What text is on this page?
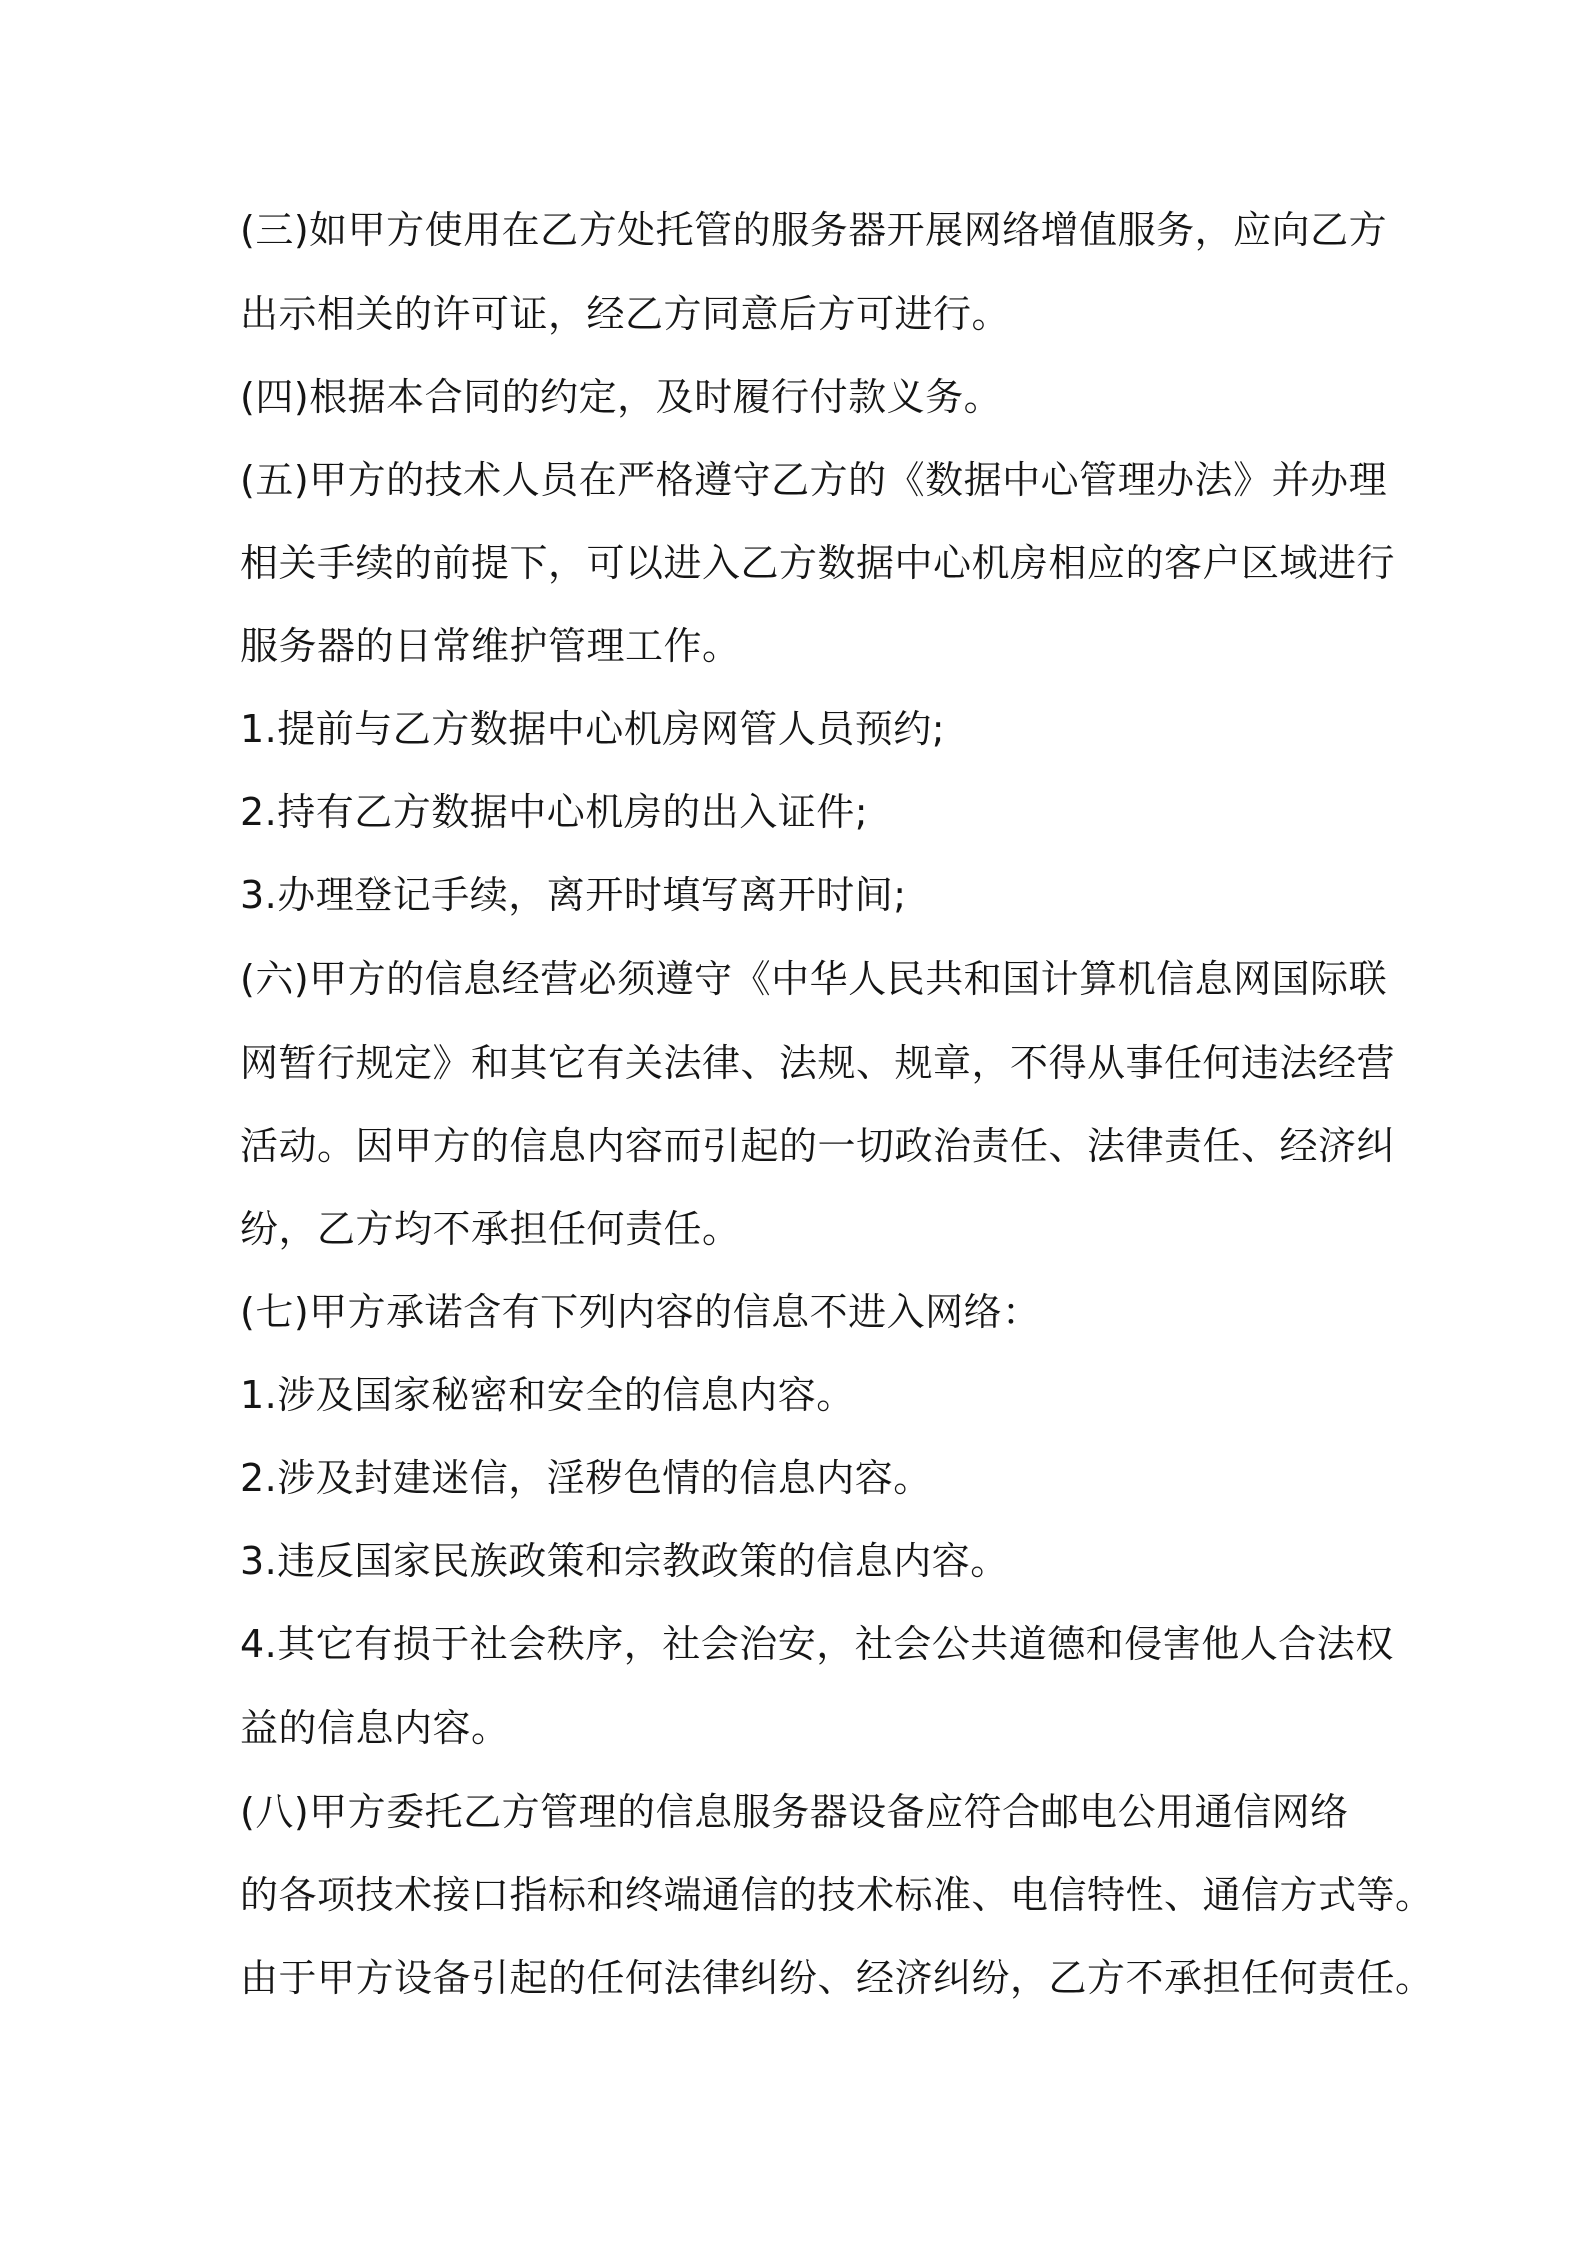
(三)如甲方使用在乙方处托管的服务器开展网络增值服务，应向乙方
出示相关的许可证，经乙方同意后方可进行。
(四)根据本合同的约定，及时履行付款义务。
(五)甲方的技术人员在严格遵守乙方的《数据中心管理办法》并办理
相关手续的前提下，可以进入乙方数据中心机房相应的客户区域进行
服务器的日常维护管理工作。
1.提前与乙方数据中心机房网管人员预约;
2.持有乙方数据中心机房的出入证件;
3.办理登记手续，离开时填写离开时间;
(六)甲方的信息经营必须遵守《中华人民共和国计算机信息网国际联
网暂行规定》和其它有关法律、法规、规章，不得从事任何违法经营
活动。因甲方的信息内容而引起的一切政治责任、法律责任、经济纠
纷，乙方均不承担任何责任。
(七)甲方承诺含有下列内容的信息不进入网络：
1.涉及国家秘密和安全的信息内容。
2.涉及封建迷信，淫秽色情的信息内容。
3.违反国家民族政策和宗教政策的信息内容。
4.其它有损于社会秩序，社会治安，社会公共道德和侵害他人合法权
益的信息内容。
(八)甲方委托乙方管理的信息服务器设备应符合邮电公用通信网络
的各项技术接口指标和终端通信的技术标准、电信特性、通信方式等。
由于甲方设备引起的任何法律纠纷、经济纠纷，乙方不承担任何责任。
